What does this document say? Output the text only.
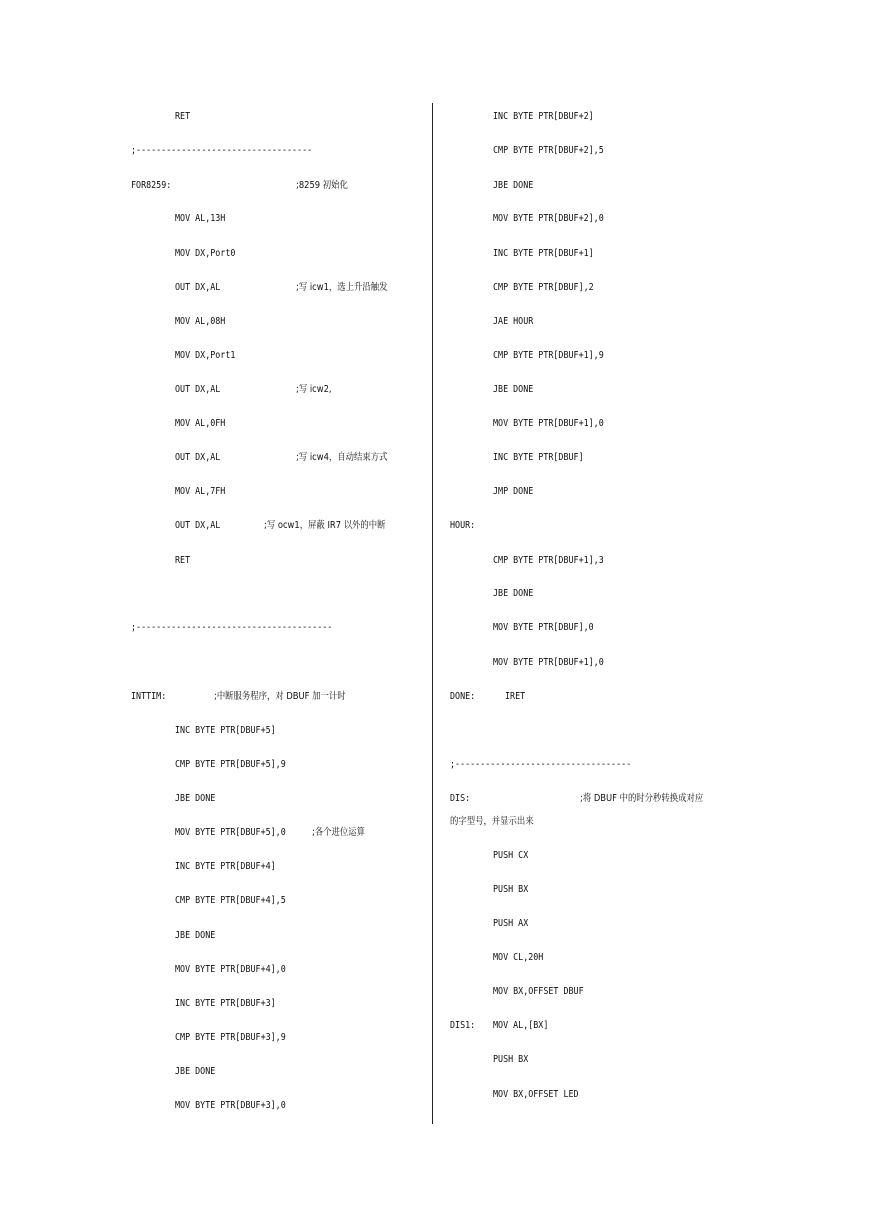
RET
;-----------------------------------
FOR8259:	;8259 初始化
MOV AL,13H
MOV DX,Port0
OUT DX,AL	;写 icw1，选上升沿触发
MOV AL,08H
MOV DX,Port1
OUT DX,AL	;写 icw2,
MOV AL,0FH
OUT DX,AL	;写 icw4，自动结束方式
MOV AL,7FH
OUT DX,AL	;写 ocw1，屏蔽 IR7 以外的中断
RET
;---------------------------------------
INTTIM:	;中断服务程序，对 DBUF 加一计时
INC BYTE PTR[DBUF+5]
CMP BYTE PTR[DBUF+5],9
JBE DONE
MOV BYTE PTR[DBUF+5],0	;各个进位运算
INC BYTE PTR[DBUF+4]
CMP BYTE PTR[DBUF+4],5
JBE DONE
MOV BYTE PTR[DBUF+4],0
INC BYTE PTR[DBUF+3]
CMP BYTE PTR[DBUF+3],9
JBE DONE
MOV BYTE PTR[DBUF+3],0
INC BYTE PTR[DBUF+2]
CMP BYTE PTR[DBUF+2],5
JBE DONE
MOV BYTE PTR[DBUF+2],0
INC BYTE PTR[DBUF+1]
CMP BYTE PTR[DBUF],2
JAE HOUR
CMP BYTE PTR[DBUF+1],9
JBE DONE
MOV BYTE PTR[DBUF+1],0
INC BYTE PTR[DBUF]
JMP DONE
HOUR:
CMP BYTE PTR[DBUF+1],3
JBE DONE
MOV BYTE PTR[DBUF],0
MOV BYTE PTR[DBUF+1],0
DONE:	IRET
;-----------------------------------
DIS:	;将 DBUF 中的时分秒转换成对应
的字型号，并显示出来
PUSH CX
PUSH BX
PUSH AX
MOV CL,20H
MOV BX,OFFSET DBUF
DIS1: MOV AL,[BX]
PUSH BX
MOV BX,OFFSET LED
